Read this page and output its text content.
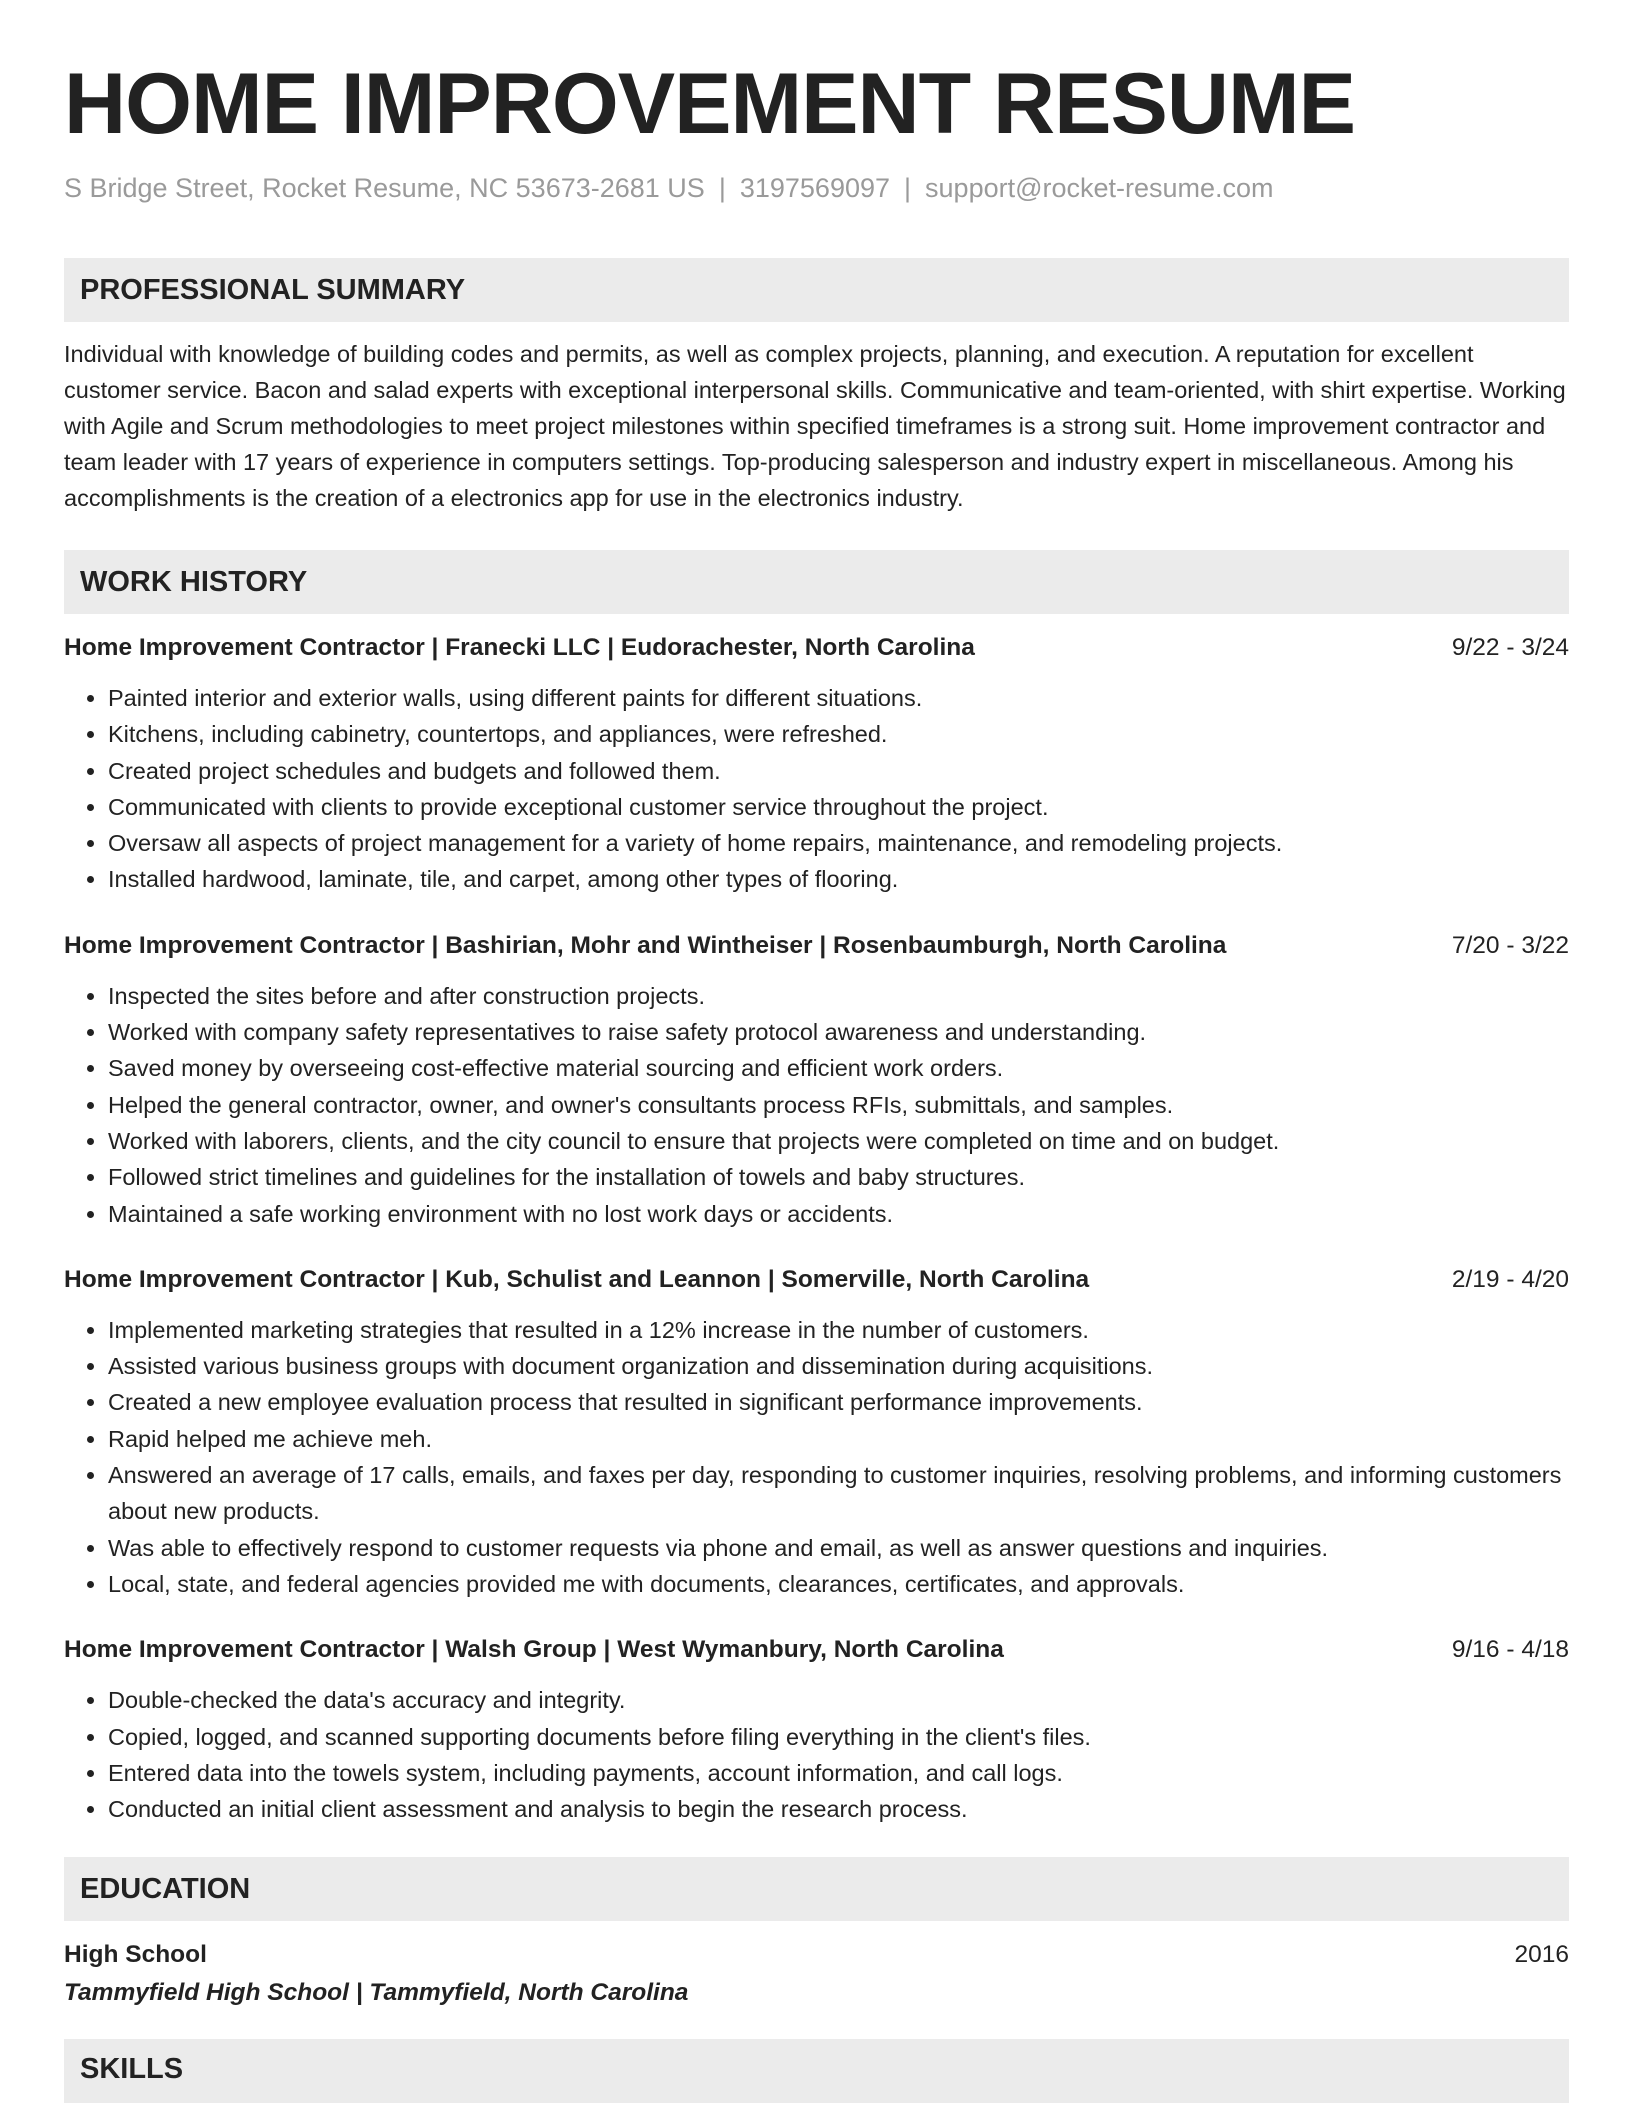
HOME IMPROVEMENT RESUME
S Bridge Street, Rocket Resume, NC 53673-2681 US | 3197569097 | support@rocket-resume.com
PROFESSIONAL SUMMARY
Individual with knowledge of building codes and permits, as well as complex projects, planning, and execution. A reputation for excellent customer service. Bacon and salad experts with exceptional interpersonal skills. Communicative and team-oriented, with shirt expertise. Working with Agile and Scrum methodologies to meet project milestones within specified timeframes is a strong suit. Home improvement contractor and team leader with 17 years of experience in computers settings. Top-producing salesperson and industry expert in miscellaneous. Among his accomplishments is the creation of a electronics app for use in the electronics industry.
WORK HISTORY
Home Improvement Contractor | Franecki LLC | Eudorachester, North Carolina	9/22 - 3/24
• Painted interior and exterior walls, using different paints for different situations.
• Kitchens, including cabinetry, countertops, and appliances, were refreshed.
• Created project schedules and budgets and followed them.
• Communicated with clients to provide exceptional customer service throughout the project.
• Oversaw all aspects of project management for a variety of home repairs, maintenance, and remodeling projects.
• Installed hardwood, laminate, tile, and carpet, among other types of flooring.
Home Improvement Contractor | Bashirian, Mohr and Wintheiser | Rosenbaumburgh, North Carolina	7/20 - 3/22
• Inspected the sites before and after construction projects.
• Worked with company safety representatives to raise safety protocol awareness and understanding.
• Saved money by overseeing cost-effective material sourcing and efficient work orders.
• Helped the general contractor, owner, and owner's consultants process RFIs, submittals, and samples.
• Worked with laborers, clients, and the city council to ensure that projects were completed on time and on budget.
• Followed strict timelines and guidelines for the installation of towels and baby structures.
• Maintained a safe working environment with no lost work days or accidents.
Home Improvement Contractor | Kub, Schulist and Leannon | Somerville, North Carolina	2/19 - 4/20
• Implemented marketing strategies that resulted in a 12% increase in the number of customers.
• Assisted various business groups with document organization and dissemination during acquisitions.
• Created a new employee evaluation process that resulted in significant performance improvements.
• Rapid helped me achieve meh.
• Answered an average of 17 calls, emails, and faxes per day, responding to customer inquiries, resolving problems, and informing customers about new products.
• Was able to effectively respond to customer requests via phone and email, as well as answer questions and inquiries.
• Local, state, and federal agencies provided me with documents, clearances, certificates, and approvals.
Home Improvement Contractor | Walsh Group | West Wymanbury, North Carolina	9/16 - 4/18
• Double-checked the data's accuracy and integrity.
• Copied, logged, and scanned supporting documents before filing everything in the client's files.
• Entered data into the towels system, including payments, account information, and call logs.
• Conducted an initial client assessment and analysis to begin the research process.
EDUCATION
High School	2016
Tammyfield High School | Tammyfield, North Carolina
SKILLS
